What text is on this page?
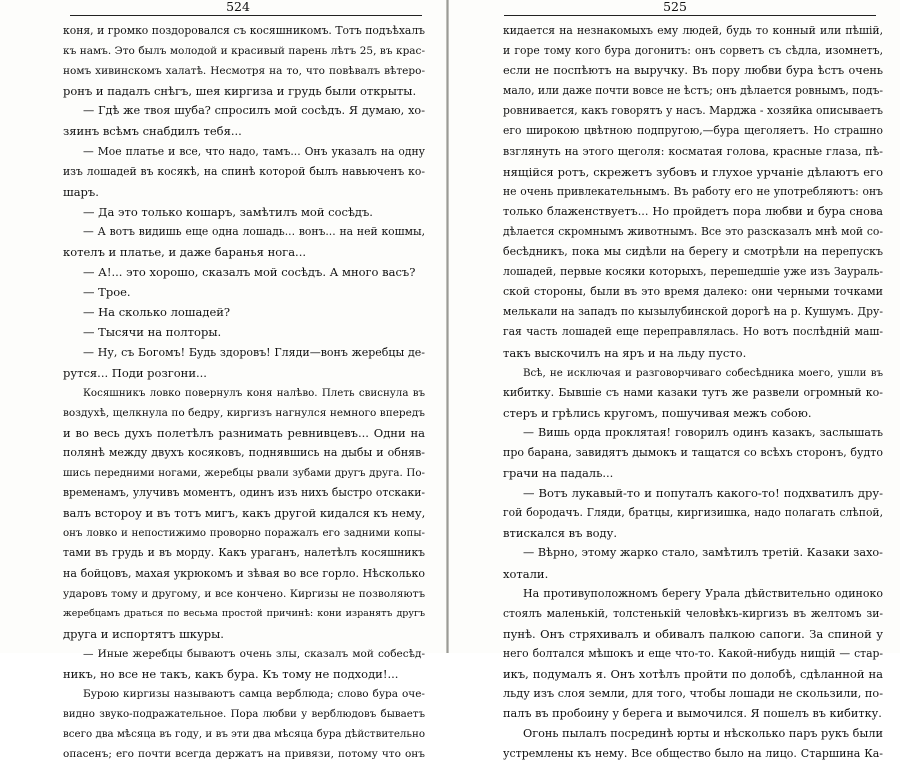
524
коня, и громко поздоровался съ косяшникомъ. Тотъ подъѣхалъ
къ намъ. Это былъ молодой и красивый парень лѣтъ 25, въ крас-
номъ хивинскомъ халатѣ. Несмотря на то, что повѣвалъ вѣтеро-
ронъ и падалъ снѣгъ, шея киргиза и грудь были открыты.
— Гдѣ же твоя шуба? спросилъ мой сосѣдъ. Я думаю, хо-
зяинъ всѣмъ снабдилъ тебя...
— Мое платье и все, что надо, тамъ... Онъ указалъ на одну
изъ лошадей въ косякѣ, на спинѣ которой былъ навьюченъ ко-
шаръ.
— Да это только кошаръ, замѣтилъ мой сосѣдъ.
— А вотъ видишь еще одна лошадь... вонъ... на ней кошмы,
котелъ и платье, и даже баранья нога...
— А!... это хорошо, сказалъ мой сосѣдъ. А много васъ?
— Трое.
— На сколько лошадей?
— Тысячи на полторы.
— Ну, съ Богомъ! Будь здоровъ! Гляди—вонъ жеребцы де-
рутся... Поди розгони...
Косяшникъ ловко повернулъ коня налѣво. Плеть свиснула въ
воздухѣ, щелкнула по бедру, киргизъ нагнулся немного впередъ
и во весь духъ полетѣлъ разнимать ревнивцевъ... Одни на
полянѣ между двухъ косяковъ, поднявшись на дыбы и обняв-
шись передними ногами, жеребцы рвали зубами другъ друга. По-
временамъ, улучивъ моментъ, одинъ изъ нихъ быстро отскаки-
валъ встороу и въ тотъ мигъ, какъ другой кидался къ нему,
онъ ловко и непостижимо проворно поражалъ его задними копы-
тами въ грудь и въ морду. Какъ ураганъ, налетѣлъ косяшникъ
на бойцовъ, махая укрюкомъ и зѣвая во все горло. Нѣсколько
ударовъ тому и другому, и все кончено. Киргизы не позволяютъ
жеребцамъ драться по весьма простой причинѣ: кони изранятъ другъ
друга и испортятъ шкуры.
— Иные жеребцы бываютъ очень злы, сказалъ мой собесѣд-
никъ, но все не такъ, какъ бура. Къ тому не подходи!...
Бурою киргизы называютъ самца верблюда; слово бура оче-
видно звуко-подражательное. Пора любви у верблюдовъ бываетъ
всего два мѣсяца въ году, и въ эти два мѣсяца бура дѣйствительно
опасенъ; его почти всегда держатъ на привязи, потому что онъ
525
кидается на незнакомыхъ ему людей, будь то конный или пѣшій,
и горе тому кого бура догонитъ: онъ сорветъ съ сѣдла, изомнетъ,
если не поспѣютъ на выручку. Въ пору любви бура ѣстъ очень
мало, или даже почти вовсе не ѣстъ; онъ дѣлается ровнымъ, подъ-
ровнивается, какъ говорятъ у насъ. Марджа - хозяйка описываетъ
его широкою цвѣтною подпругою,—бура щеголяетъ. Но страшно
взглянуть на этого щеголя: косматая голова, красные глаза, пѣ-
нящійся ротъ, скрежетъ зубовъ и глухое урчаніе дѣлаютъ его
не очень привлекательнымъ. Въ работу его не употребляютъ: онъ
только блаженствуетъ... Но пройдетъ пора любви и бура снова
дѣлается скромнымъ животнымъ. Все это разсказалъ мнѣ мой со-
бесѣдникъ, пока мы сидѣли на берегу и смотрѣли на перепускъ
лошадей, первые косяки которыхъ, перешедшіе уже изъ Заураль-
ской стороны, были въ это время далеко: они черными точками
мелькали на западъ по кызылубинской дорогѣ на р. Кушумъ. Дру-
гая часть лошадей еще переправлялась. Но вотъ послѣдній маш-
такъ выскочилъ на яръ и на льду пусто.
Всѣ, не исключая и разговорчиваго собесѣдника моего, ушли въ
кибитку. Бывшіе съ нами казаки тутъ же развели огромный ко-
стеръ и грѣлись кругомъ, пошучивая межъ собою.
— Вишь орда проклятая! говорилъ одинъ казакъ, заслышать
про барана, завидятъ дымокъ и тащатся со всѣхъ сторонъ, будто
грачи на падаль...
— Вотъ лукавый-то и попуталъ какого-то! подхватилъ дру-
гой бородачъ. Гляди, братцы, киргизишка, надо полагать слѣпой,
втискался въ воду.
— Вѣрно, этому жарко стало, замѣтилъ третій. Казаки захо-
хотали.
На противуположномъ берегу Урала дѣйствительно одиноко
стоялъ маленькій, толстенькій человѣкъ-киргизъ въ желтомъ зи-
пунѣ. Онъ стряхивалъ и обивалъ палкою сапоги. За спиной у
него болтался мѣшокъ и еще что-то. Какой-нибудь нищій — стар-
икъ, подумалъ я. Онъ хотѣлъ пройти по долобѣ, сдѣланной на
льду изъ слоя земли, для того, чтобы лошади не скользили, по-
палъ въ пробоину у берега и вымочился. Я пошелъ въ кибитку.
Огонь пылалъ посрединѣ юрты и нѣсколько паръ рукъ были
устремлены къ нему. Все общество было на лицо. Старшина Ка-
